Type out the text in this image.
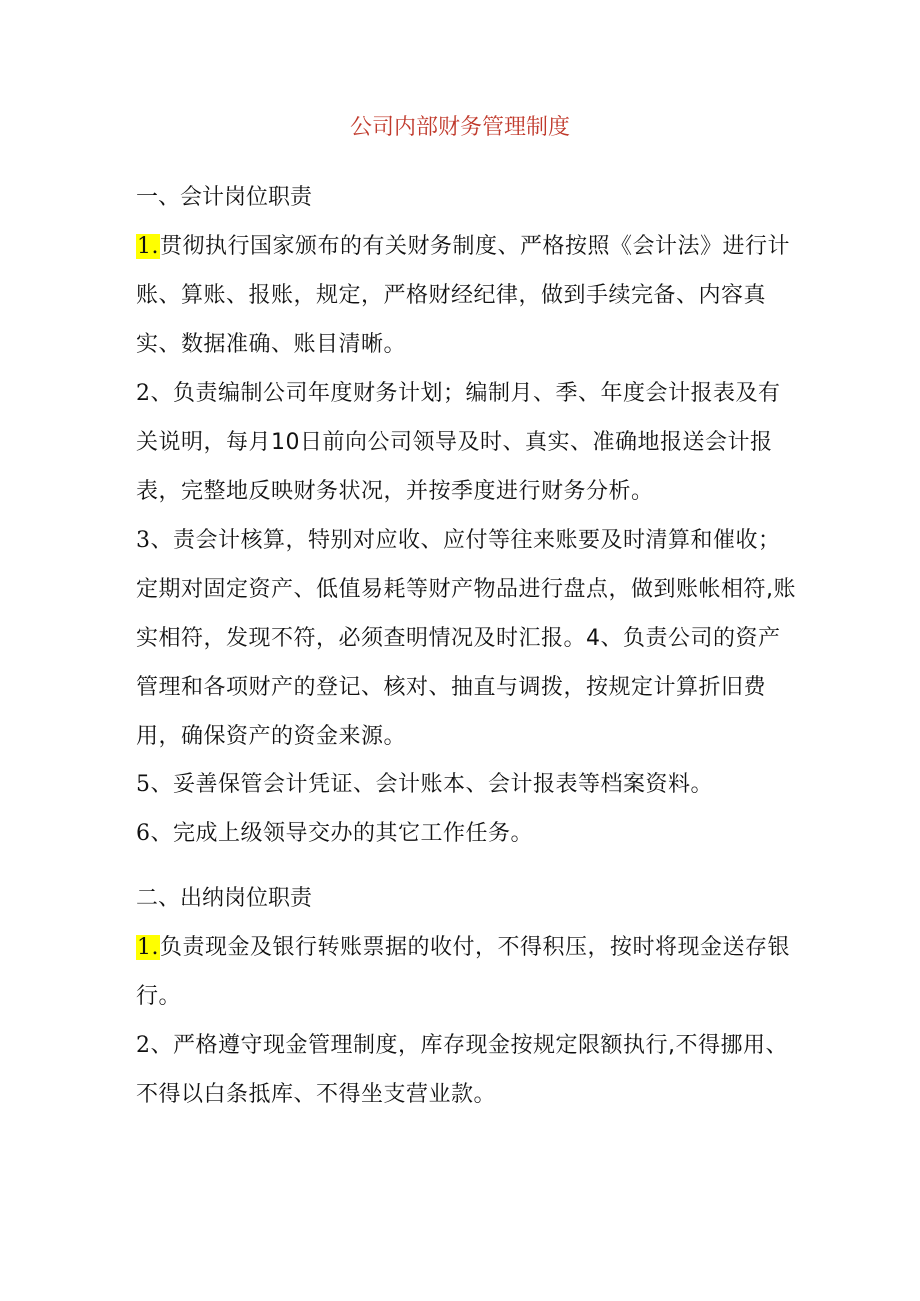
公司内部财务管理制度
一、会计岗位职责

1.贯彻执行国家颁布的有关财务制度、严格按照《会计法》进行计账、算账、报账，规定，严格财经纪律，做到手续完备、内容真实、数据准确、账目清晰。

2、负责编制公司年度财务计划；编制月、季、年度会计报表及有关说明，每月10日前向公司领导及时、真实、准确地报送会计报表，完整地反映财务状况，并按季度进行财务分析。

3、责会计核算，特别对应收、应付等往来账要及时清算和催收；定期对固定资产、低值易耗等财产物品进行盘点，做到账帐相符,账实相符，发现不符，必须查明情况及时汇报。4、负责公司的资产管理和各项财产的登记、核对、抽直与调拨，按规定计算折旧费用，确保资产的资金来源。

5、妥善保管会计凭证、会计账本、会计报表等档案资料。

6、完成上级领导交办的其它工作任务。

二、出纳岗位职责

1.负责现金及银行转账票据的收付，不得积压，按时将现金送存银行。

2、严格遵守现金管理制度，库存现金按规定限额执行,不得挪用、不得以白条抵库、不得坐支营业款。
